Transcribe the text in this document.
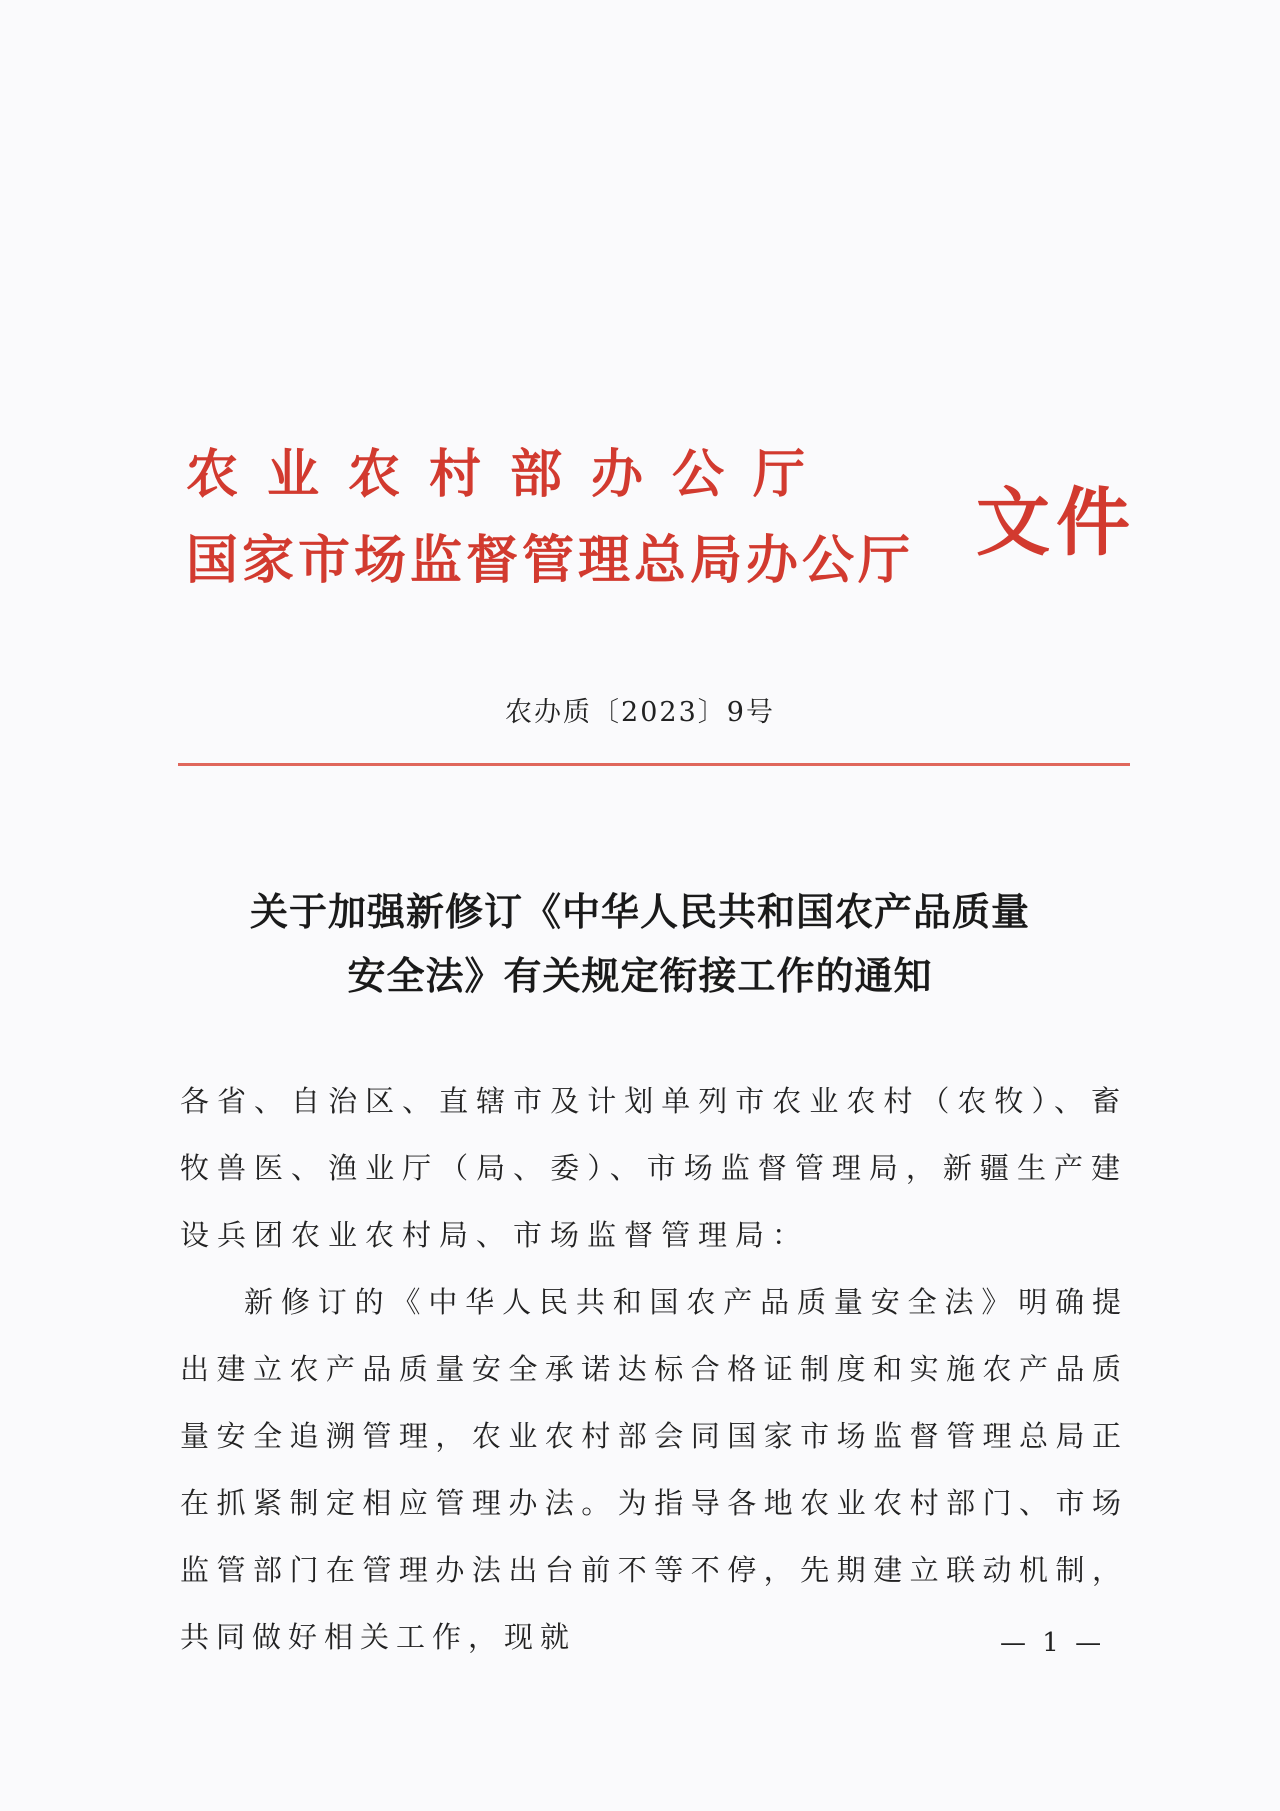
农业农村部办公厅
国家市场监督管理总局办公厅 文件
农办质〔2023〕9号
关于加强新修订《中华人民共和国农产品质量
安全法》有关规定衔接工作的通知

各省、自治区、直辖市及计划单列市农业农村（农牧）、畜牧兽医、渔业厅（局、委）、市场监督管理局，新疆生产建设兵团农业农村局、市场监督管理局：

新修订的《中华人民共和国农产品质量安全法》明确提出建立农产品质量安全承诺达标合格证制度和实施农产品质量安全追溯管理，农业农村部会同国家市场监督管理总局正在抓紧制定相应管理办法。为指导各地农业农村部门、市场监管部门在管理办法出台前不等不停，先期建立联动机制，共同做好相关工作，现就	— 1 —
